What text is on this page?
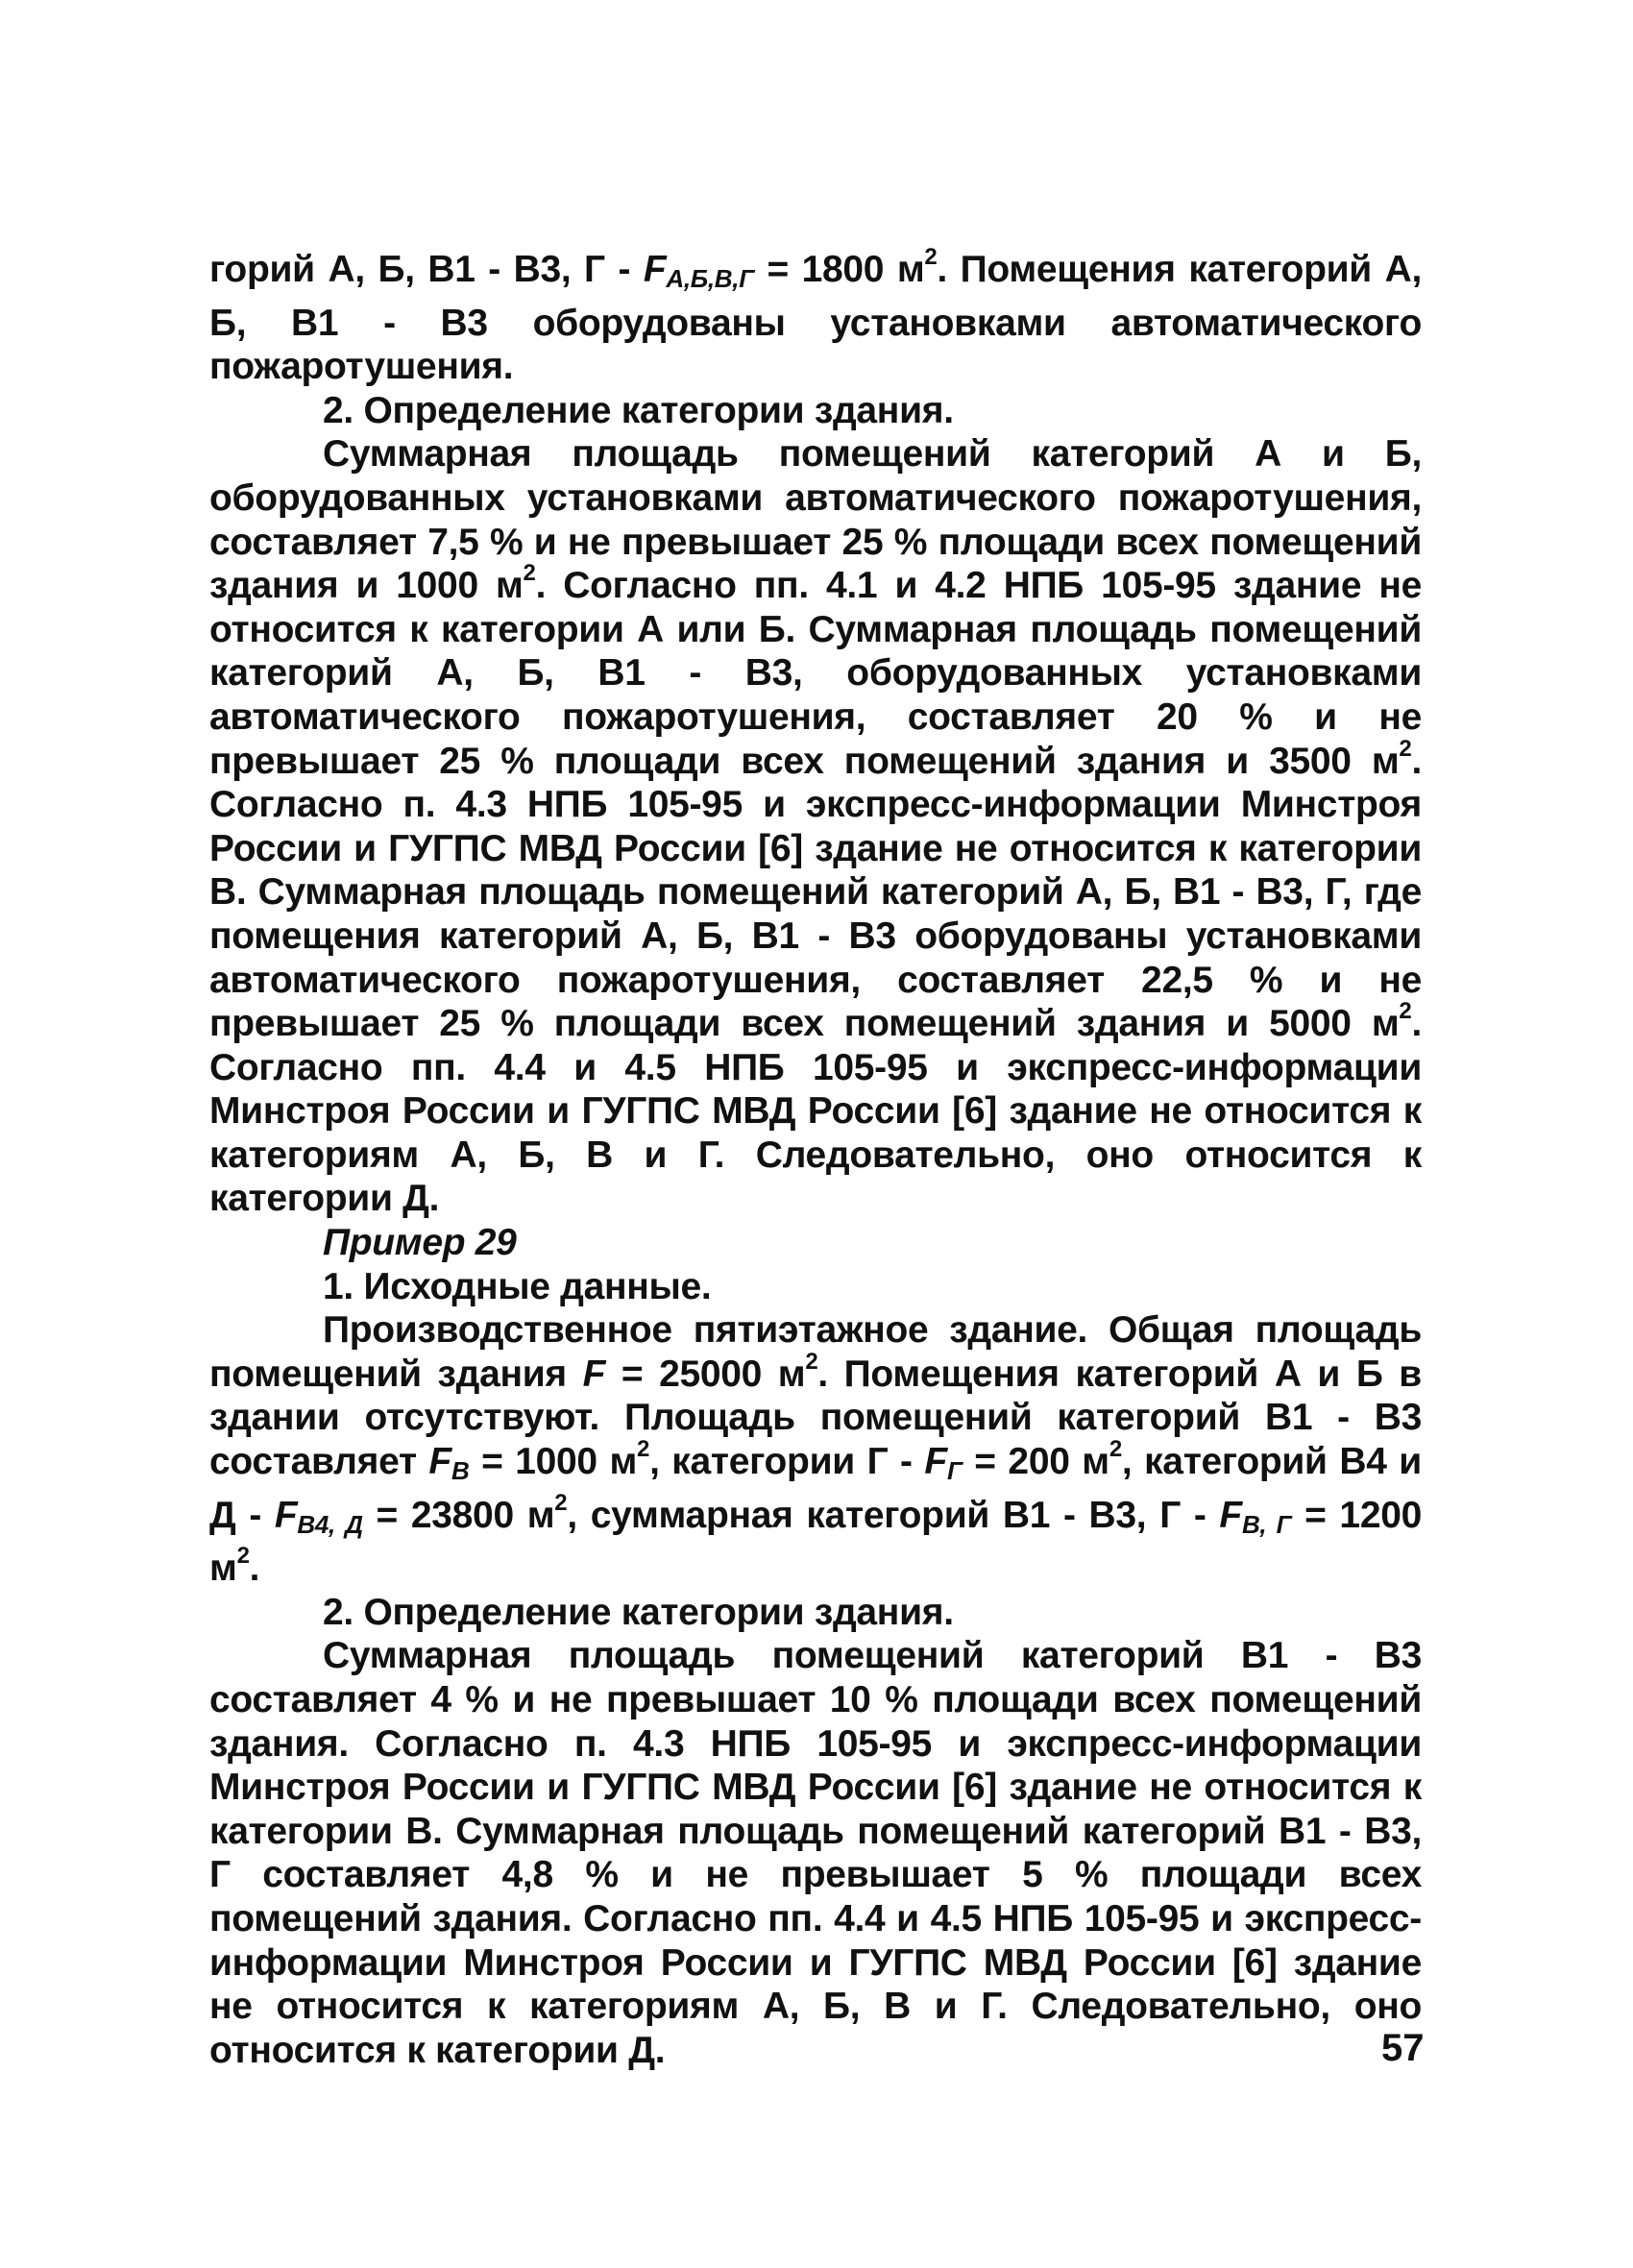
горий А, Б, В1 - В3, $Г - F_{А,Б,В,Г} = 1800$ $м^2$. Помещения категорий А, Б, В1 - В3 оборудованы установками автоматического пожаротушения.

2. Определение категории здания.

Суммарная площадь помещений категорий А и Б, оборудованных установками автоматического пожаротушения, составляет 7,5 % и не превышает 25 % площади всех помещений здания и 1000 $м^2$. Согласно пп. 4.1 и 4.2 НПБ 105-95 здание не относится к категории А или Б. Суммарная площадь помещений категорий А, Б, В1 - В3, оборудованных установками автоматического пожаротушения, составляет 20 % и не превышает 25 % площади всех помещений здания и 3500 $м^2$. Согласно п. 4.3 НПБ 105-95 и экспресс-информации Минстроя России и ГУГПС МВД России [6] здание не относится к категории В. Суммарная площадь помещений категорий А, Б, В1 - В3, Г, где помещения категорий А, Б, В1 - В3 оборудованы установками автоматического пожаротушения, составляет 22,5 % и не превышает 25 % площади всех помещений здания и 5000 $м^2$. Согласно пп. 4.4 и 4.5 НПБ 105-95 и экспресс-информации Минстроя России и ГУГПС МВД России [6] здание не относится к категориям А, Б, В и Г. Следовательно, оно относится к категории Д.

Пример 29

1. Исходные данные.

Производственное пятиэтажное здание. Общая площадь помещений здания F = 25000 $м^2$. Помещения категорий А и Б в здании отсутствуют. Площадь помещений категорий В1 - В3 составляет $F_В = 1000$ $м^2$, категории $Г - F_Г = 200$ $м^2$, категорий В4 и $Д - F_{В4, Д} = 23800$ $м^2$, суммарная категорий В1 - В3, $Г - F_{В, Г} = 1200$ $м^2$.

2. Определение категории здания.

Суммарная площадь помещений категорий В1 - В3 составляет 4 % и не превышает 10 % площади всех помещений здания. Согласно п. 4.3 НПБ 105-95 и экспресс-информации Минстроя России и ГУГПС МВД России [6] здание не относится к категории В. Суммарная площадь помещений категорий В1 - В3, Г составляет 4,8 % и не превышает 5 % площади всех помещений здания. Согласно пп. 4.4 и 4.5 НПБ 105-95 и экспресс-информации Минстроя России и ГУГПС МВД России [6] здание не относится к категориям А, Б, В и Г. Следовательно, оно относится к категории Д.	57
